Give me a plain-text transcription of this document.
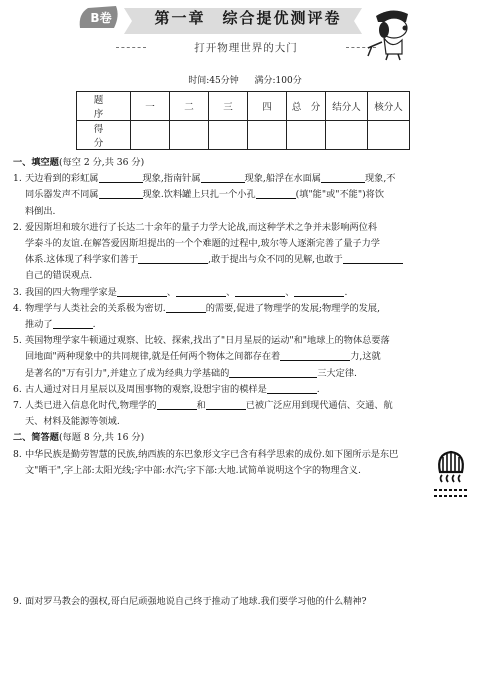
B卷	第一章　综合提优测评卷
打开物理世界的大门
时间:45分钟 满分:100分
题　序	一	二	三	四	总　分	结分人	核分人
得　分							
一、填空题(每空 2 分,共 36 分)

1. 天边看到的彩虹属	现象,指南针属	现象,船浮在水面属	现象,不

同乐器发声不同属	现象.饮料罐上只扎一个小孔	(填"能"或"不能")将饮

料倒出.

2. 爱因斯坦和玻尔进行了长达二十余年的量子力学大论战,而这种学术之争并未影响两位科

学泰斗的友谊.在解答爱因斯坦提出的一个个难题的过程中,玻尔等人逐渐完善了量子力学

体系.这体现了科学家们善于	,敢于提出与众不同的见解,也敢于

自己的错误观点.

3. 我国的四大物理学家是	、	、	、	.

4. 物理学与人类社会的关系极为密切.	的需要,促进了物理学的发展;物理学的发展,

推动了	.

5. 英国物理学家牛顿通过观察、比较、探索,找出了"日月星辰的运动"和"地球上的物体总要落

回地面"两种现象中的共同规律,就是任何两个物体之间都存在着	力,这就

是著名的"万有引力",并建立了成为经典力学基础的	三大定律.

6. 古人通过对日月星辰以及周围事物的观察,设想宇宙的模样是	.

7. 人类已进入信息化时代,物理学的	和	已被广泛应用到现代通信、交通、航

天、材料及能源等领域.

二、简答题(每题 8 分,共 16 分)

8. 中华民族是勤劳智慧的民族,纳西族的东巴象形文字已含有科学思索的成份.如下图所示是东巴

文"晒干",字上部:太阳光线;字中部:水汽;字下部:大地.试简单说明这个字的物理含义.

9. 面对罗马教会的强权,哥白尼顽强地说自己终于推动了地球.我们要学习他的什么精神?
